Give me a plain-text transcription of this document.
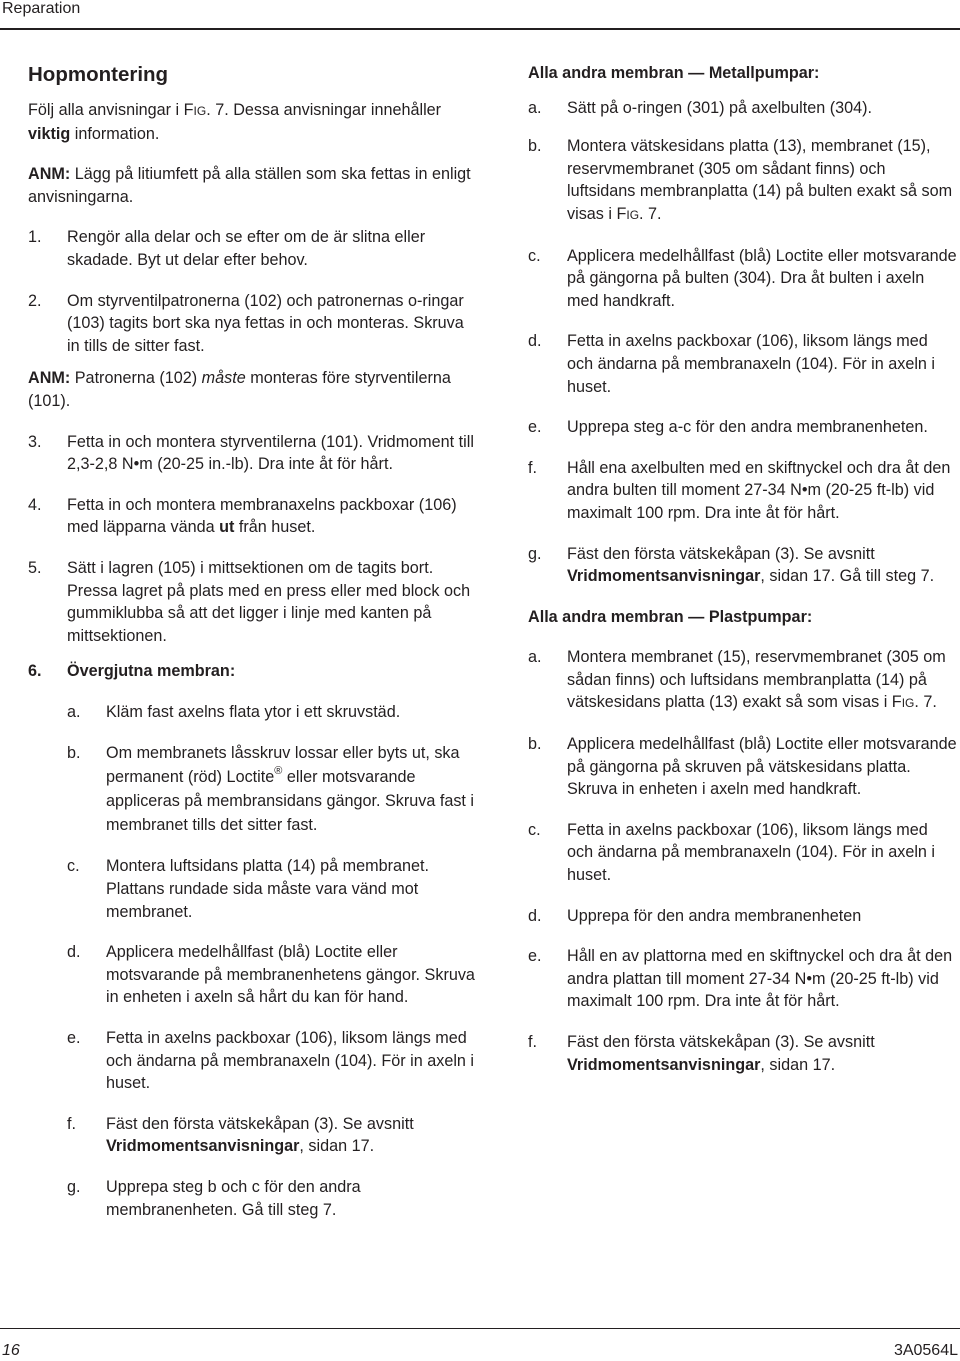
Reparation
Hopmontering

Följ alla anvisningar i FIG. 7. Dessa anvisningar innehåller viktig information.

ANM: Lägg på litiumfett på alla ställen som ska fettas in enligt anvisningarna.

1. Rengör alla delar och se efter om de är slitna eller skadade. Byt ut delar efter behov.
2. Om styrventilpatronerna (102) och patronernas o-ringar (103) tagits bort ska nya fettas in och monteras. Skruva in tills de sitter fast.

ANM: Patronerna (102) måste monteras före styrventilerna (101).

3. Fetta in och montera styrventilerna (101). Vridmoment till 2,3-2,8 N•m (20-25 in.-lb). Dra inte åt för hårt.
4. Fetta in och montera membranaxelns packboxar (106) med läpparna vända ut från huset.
5. Sätt i lagren (105) i mittsektionen om de tagits bort. Pressa lagret på plats med en press eller med block och gummiklubba så att det ligger i linje med kanten på mittsektionen.
6. Övergjutna membran:
a. Kläm fast axelns flata ytor i ett skruvstäd.
b. Om membranets låsskruv lossar eller byts ut, ska permanent (röd) Loctite® eller motsvarande appliceras på membransidans gängor. Skruva fast i membranet tills det sitter fast.
c. Montera luftsidans platta (14) på membranet. Plattans rundade sida måste vara vänd mot membranet.
d. Applicera medelhållfast (blå) Loctite eller motsvarande på membranenhetens gängor. Skruva in enheten i axeln så hårt du kan för hand.
e. Fetta in axelns packboxar (106), liksom längs med och ändarna på membranaxeln (104). För in axeln i huset.
f. Fäst den första vätskekåpan (3). Se avsnitt Vridmomentsanvisningar, sidan 17.
g. Upprepa steg b och c för den andra membranenheten. Gå till steg 7.
Alla andra membran — Metallpumpar:
a. Sätt på o-ringen (301) på axelbulten (304).
b. Montera vätskesidans platta (13), membranet (15), reservmembranet (305 om sådant finns) och luftsidans membranplatta (14) på bulten exakt så som visas i FIG. 7.
c. Applicera medelhållfast (blå) Loctite eller motsvarande på gängorna på bulten (304). Dra åt bulten i axeln med handkraft.
d. Fetta in axelns packboxar (106), liksom längs med och ändarna på membranaxeln (104). För in axeln i huset.
e. Upprepa steg a-c för den andra membranenheten.
f. Håll ena axelbulten med en skiftnyckel och dra åt den andra bulten till moment 27-34 N•m (20-25 ft-lb) vid maximalt 100 rpm. Dra inte åt för hårt.
g. Fäst den första vätskekåpan (3). Se avsnitt Vridmomentsanvisningar, sidan 17. Gå till steg 7.
Alla andra membran — Plastpumpar:
a. Montera membranet (15), reservmembranet (305 om sådan finns) och luftsidans membranplatta (14) på vätskesidans platta (13) exakt så som visas i FIG. 7.
b. Applicera medelhållfast (blå) Loctite eller motsvarande på gängorna på skruven på vätskesidans platta. Skruva in enheten i axeln med handkraft.
c. Fetta in axelns packboxar (106), liksom längs med och ändarna på membranaxeln (104). För in axeln i huset.
d. Upprepa för den andra membranenheten
e. Håll en av plattorna med en skiftnyckel och dra åt den andra plattan till moment 27-34 N•m (20-25 ft-lb) vid maximalt 100 rpm. Dra inte åt för hårt.
f. Fäst den första vätskekåpan (3). Se avsnitt Vridmomentsanvisningar, sidan 17.
16	3A0564L
